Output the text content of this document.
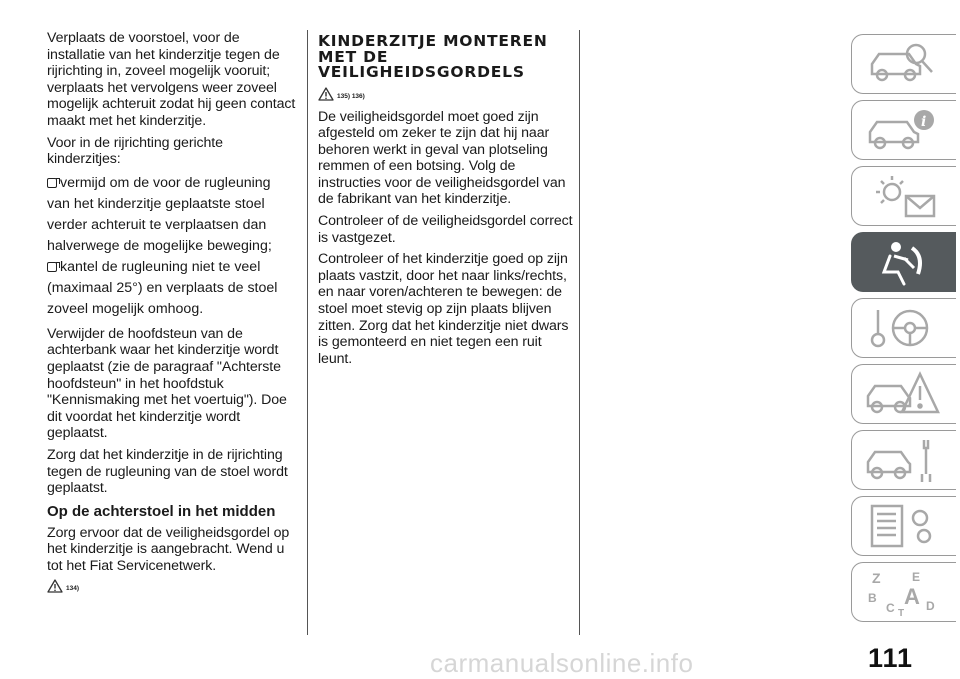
Verplaats de voorstoel, voor de installatie van het kinderzitje tegen de rijrichting in, zoveel mogelijk vooruit; verplaats het vervolgens weer zoveel mogelijk achteruit zodat hij geen contact maakt met het kinderzitje.

Voor in de rijrichting gerichte kinderzitjes:

vermijd om de voor de rugleuning
van het kinderzitje geplaatste stoel
verder achteruit te verplaatsen dan
halverwege de mogelijke beweging;
kantel de rugleuning niet te veel
(maximaal 25°) en verplaats de stoel
zoveel mogelijk omhoog.

Verwijder de hoofdsteun van de achterbank waar het kinderzitje wordt geplaatst (zie de paragraaf "Achterste hoofdsteun" in het hoofdstuk "Kennismaking met het voertuig"). Doe dit voordat het kinderzitje wordt geplaatst.

Zorg dat het kinderzitje in de rijrichting tegen de rugleuning van de stoel wordt geplaatst.

Op de achterstoel in het midden

Zorg ervoor dat de veiligheidsgordel op het kinderzitje is aangebracht. Wend u tot het Fiat Servicenetwerk.

134)
KINDERZITJE MONTEREN
MET DE
VEILIGHEIDSGORDELS
135) 136)

De veiligheidsgordel moet goed zijn afgesteld om zeker te zijn dat hij naar behoren werkt in geval van plotseling remmen of een botsing. Volg de instructies voor de veiligheidsgordel van de fabrikant van het kinderzitje.

Controleer of de veiligheidsgordel correct is vastgezet.

Controleer of het kinderzitje goed op zijn plaats vastzit, door het naar links/rechts, en naar voren/achteren te bewegen: de stoel moet stevig op zijn plaats blijven zitten. Zorg dat het kinderzitje niet dwars is gemonteerd en niet tegen een ruit leunt.

i
Z	E
B A
C	D
T
carmanualsonline.info	111
